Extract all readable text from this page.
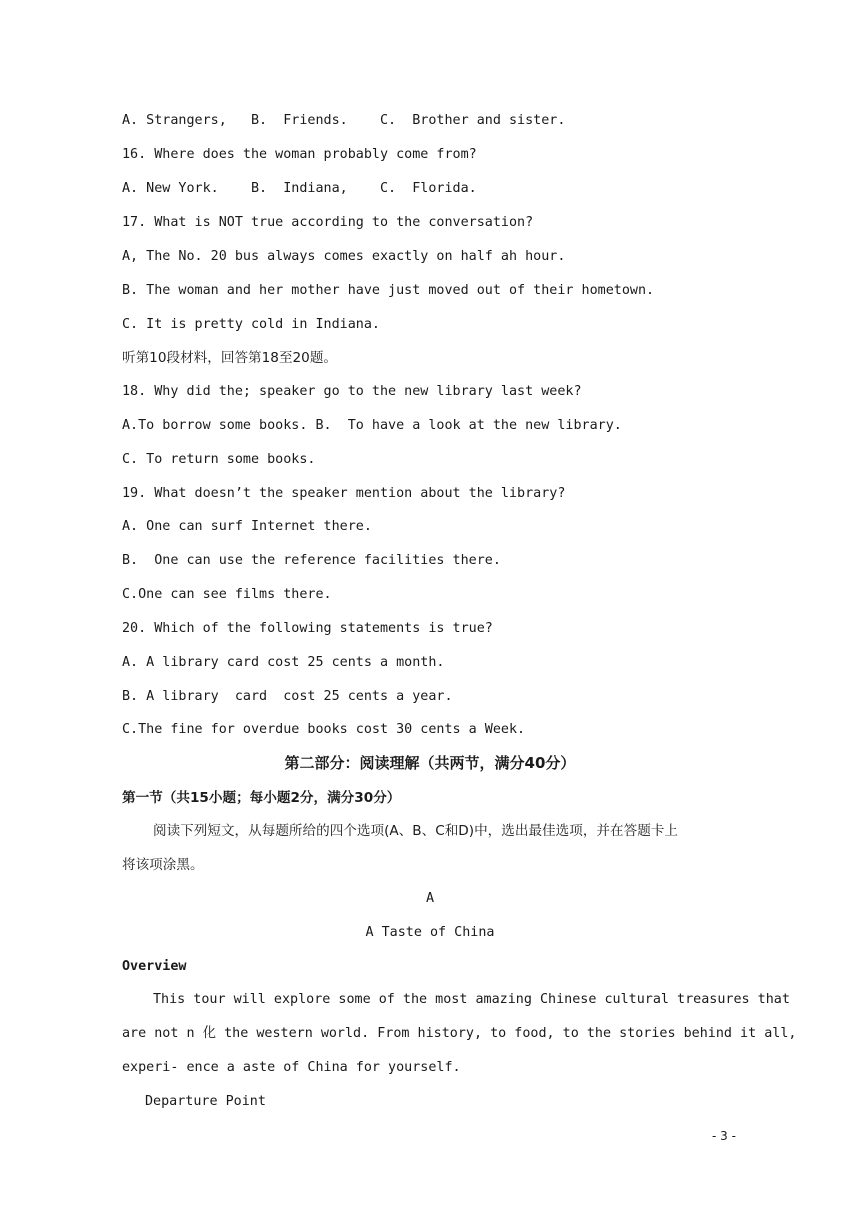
A. Strangers,   B.  Friends.    C.  Brother and sister.
16. Where does the woman probably come from?
A. New York.    B.  Indiana,    C.  Florida.
17. What is NOT true according to the conversation?
A, The No. 20 bus always comes exactly on half ah hour.
B. The woman and her mother have just moved out of their hometown.
C. It is pretty cold in Indiana.
听第10段材料，回答第18至20题。
18. Why did the; speaker go to the new library last week?
A.To borrow some books. B.  To have a look at the new library.
C. To return some books.
19. What doesn’t the speaker mention about the library?
A. One can surf Internet there.
B.  One can use the reference facilities there.
C.One can see films there.
20. Which of the following statements is true?
A. A library card cost 25 cents a month.
B. A library  card  cost 25 cents a year.
C.The fine for overdue books cost 30 cents a Week.
第二部分：阅读理解（共两节，满分40分）
第一节（共15小题；每小题2分，满分30分）
阅读下列短文，从每题所给的四个选项(A、B、C和D)中，选出最佳选项，并在答题卡上
将该项涂黑。
A
A Taste of China
Overview
This tour will explore some of the most amazing Chinese cultural treasures that
are not n 化 the western world. From history, to food, to the stories behind it all,
experi- ence a aste of China for yourself.
Departure Point
- 3 -
